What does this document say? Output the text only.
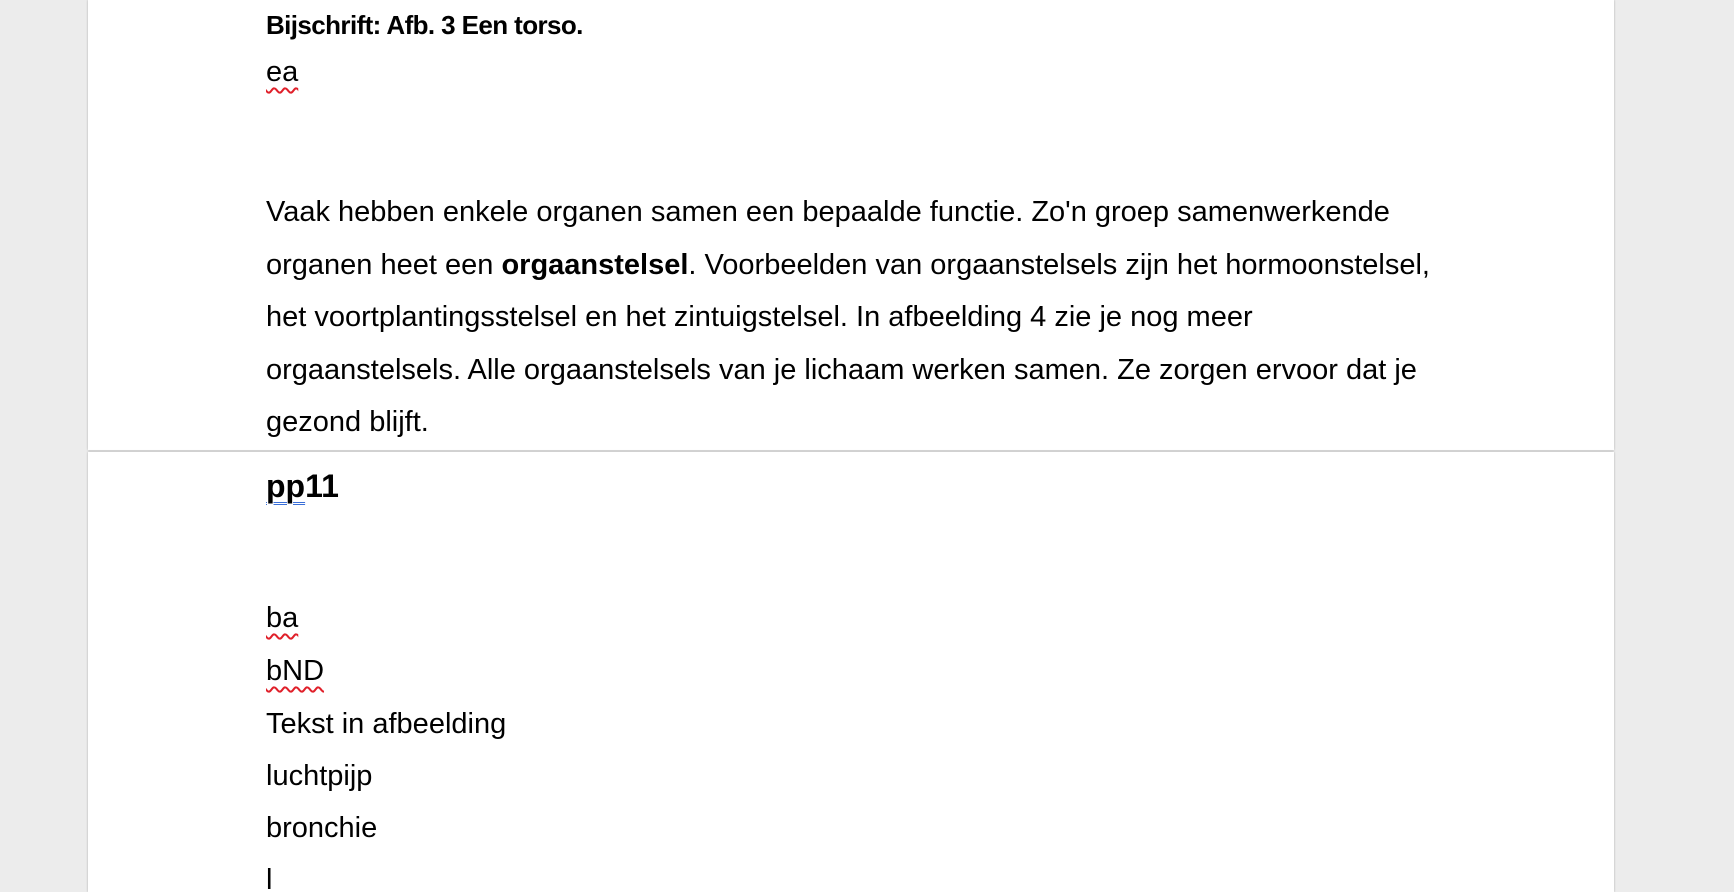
Bijschrift: Afb. 3 Een torso.

ea

Vaak hebben enkele organen samen een bepaalde functie. Zo'n groep samenwerkende organen heet een orgaanstelsel. Voorbeelden van orgaanstelsels zijn het hormoonstelsel, het voortplantingsstelsel en het zintuigstelsel. In afbeelding 4 zie je nog meer orgaanstelsels. Alle orgaanstelsels van je lichaam werken samen. Ze zorgen ervoor dat je gezond blijft.

pp11

ba
bND
Tekst in afbeelding
luchtpijp
bronchie
l
